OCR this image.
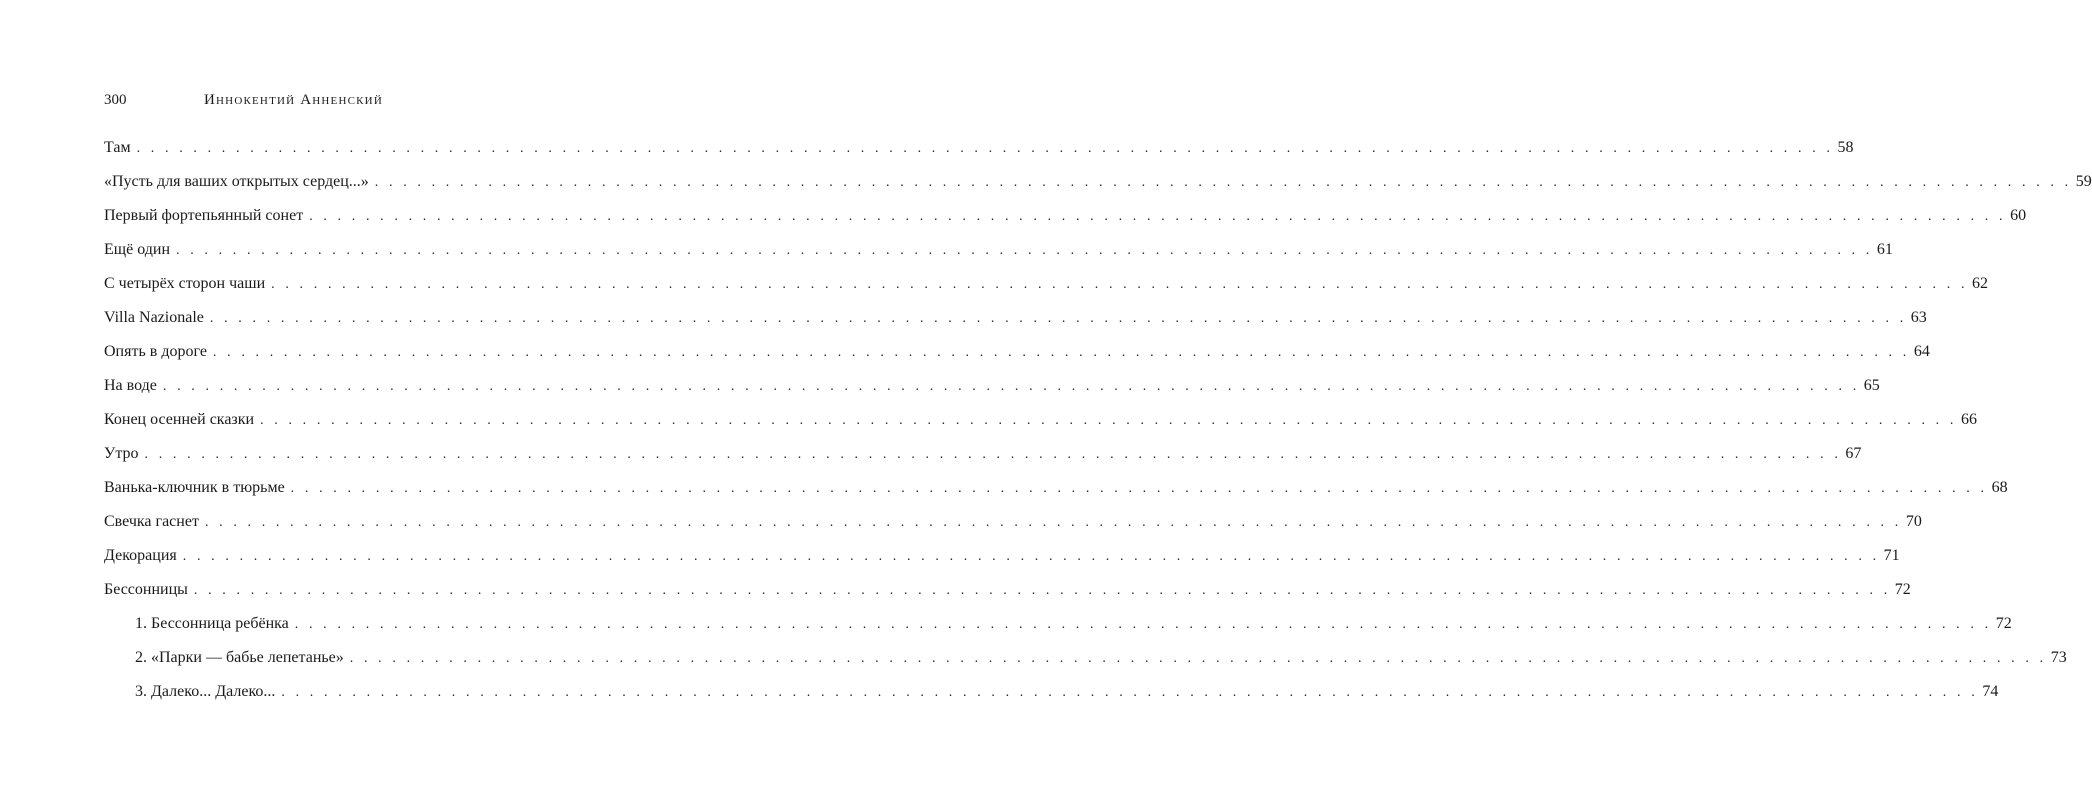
300	Иннокентий Анненский
Там . . . . . . . . . . . . . . . . . . . . . . . . . . . . . . . . . . . . . . . . . . . . . . . . . . . . . . . . . . . . . . . . . . . . . . . . . . . . . . . . . . . . . . . . . . . . . . . . . . . . . . . . . . . . . . . . . . . . . . . . 58
«Пусть для ваших открытых сердец...» . . . . . . . . . . . . . . . . . . . . . . . . . . . . . . . . . . . . . . . . . . . . . . . . . . . . . . . . . . . . . . . . . . . . . . . . . . . . . . . . . . . . . . . . . . . . . . . . . . . . . . . . . . . . . . . . . . . . . . . . 59
Первый фортепьянный сонет . . . . . . . . . . . . . . . . . . . . . . . . . . . . . . . . . . . . . . . . . . . . . . . . . . . . . . . . . . . . . . . . . . . . . . . . . . . . . . . . . . . . . . . . . . . . . . . . . . . . . . . . . . . . . . . . . . . . . . . . 60
Ещё один . . . . . . . . . . . . . . . . . . . . . . . . . . . . . . . . . . . . . . . . . . . . . . . . . . . . . . . . . . . . . . . . . . . . . . . . . . . . . . . . . . . . . . . . . . . . . . . . . . . . . . . . . . . . . . . . . . . . . . . . 61
С четырёх сторон чаши . . . . . . . . . . . . . . . . . . . . . . . . . . . . . . . . . . . . . . . . . . . . . . . . . . . . . . . . . . . . . . . . . . . . . . . . . . . . . . . . . . . . . . . . . . . . . . . . . . . . . . . . . . . . . . . . . . . . . . . . 62
Villa Nazionale . . . . . . . . . . . . . . . . . . . . . . . . . . . . . . . . . . . . . . . . . . . . . . . . . . . . . . . . . . . . . . . . . . . . . . . . . . . . . . . . . . . . . . . . . . . . . . . . . . . . . . . . . . . . . . . . . . . . . . . . 63
Опять в дороге . . . . . . . . . . . . . . . . . . . . . . . . . . . . . . . . . . . . . . . . . . . . . . . . . . . . . . . . . . . . . . . . . . . . . . . . . . . . . . . . . . . . . . . . . . . . . . . . . . . . . . . . . . . . . . . . . . . . . . . . 64
На воде . . . . . . . . . . . . . . . . . . . . . . . . . . . . . . . . . . . . . . . . . . . . . . . . . . . . . . . . . . . . . . . . . . . . . . . . . . . . . . . . . . . . . . . . . . . . . . . . . . . . . . . . . . . . . . . . . . . . . . . . 65
Конец осенней сказки . . . . . . . . . . . . . . . . . . . . . . . . . . . . . . . . . . . . . . . . . . . . . . . . . . . . . . . . . . . . . . . . . . . . . . . . . . . . . . . . . . . . . . . . . . . . . . . . . . . . . . . . . . . . . . . . . . . . . . . . 66
Утро . . . . . . . . . . . . . . . . . . . . . . . . . . . . . . . . . . . . . . . . . . . . . . . . . . . . . . . . . . . . . . . . . . . . . . . . . . . . . . . . . . . . . . . . . . . . . . . . . . . . . . . . . . . . . . . . . . . . . . . . 67
Ванька-ключник в тюрьме . . . . . . . . . . . . . . . . . . . . . . . . . . . . . . . . . . . . . . . . . . . . . . . . . . . . . . . . . . . . . . . . . . . . . . . . . . . . . . . . . . . . . . . . . . . . . . . . . . . . . . . . . . . . . . . . . . . . . . . . 68
Свечка гаснет . . . . . . . . . . . . . . . . . . . . . . . . . . . . . . . . . . . . . . . . . . . . . . . . . . . . . . . . . . . . . . . . . . . . . . . . . . . . . . . . . . . . . . . . . . . . . . . . . . . . . . . . . . . . . . . . . . . . . . . . 70
Декорация . . . . . . . . . . . . . . . . . . . . . . . . . . . . . . . . . . . . . . . . . . . . . . . . . . . . . . . . . . . . . . . . . . . . . . . . . . . . . . . . . . . . . . . . . . . . . . . . . . . . . . . . . . . . . . . . . . . . . . . . 71
Бессонницы . . . . . . . . . . . . . . . . . . . . . . . . . . . . . . . . . . . . . . . . . . . . . . . . . . . . . . . . . . . . . . . . . . . . . . . . . . . . . . . . . . . . . . . . . . . . . . . . . . . . . . . . . . . . . . . . . . . . . . . . 72
1. Бессонница ребёнка . . . . . . . . . . . . . . . . . . . . . . . . . . . . . . . . . . . . . . . . . . . . . . . . . . . . . . . . . . . . . . . . . . . . . . . . . . . . . . . . . . . . . . . . . . . . . . . . . . . . . . . . . . . . . . . . . . . . . . . . 72
2. «Парки — бабье лепетанье» . . . . . . . . . . . . . . . . . . . . . . . . . . . . . . . . . . . . . . . . . . . . . . . . . . . . . . . . . . . . . . . . . . . . . . . . . . . . . . . . . . . . . . . . . . . . . . . . . . . . . . . . . . . . . . . . . . . . . . . . 73
3. Далеко... Далеко... . . . . . . . . . . . . . . . . . . . . . . . . . . . . . . . . . . . . . . . . . . . . . . . . . . . . . . . . . . . . . . . . . . . . . . . . . . . . . . . . . . . . . . . . . . . . . . . . . . . . . . . . . . . . . . . . . . . . . . . . 74
